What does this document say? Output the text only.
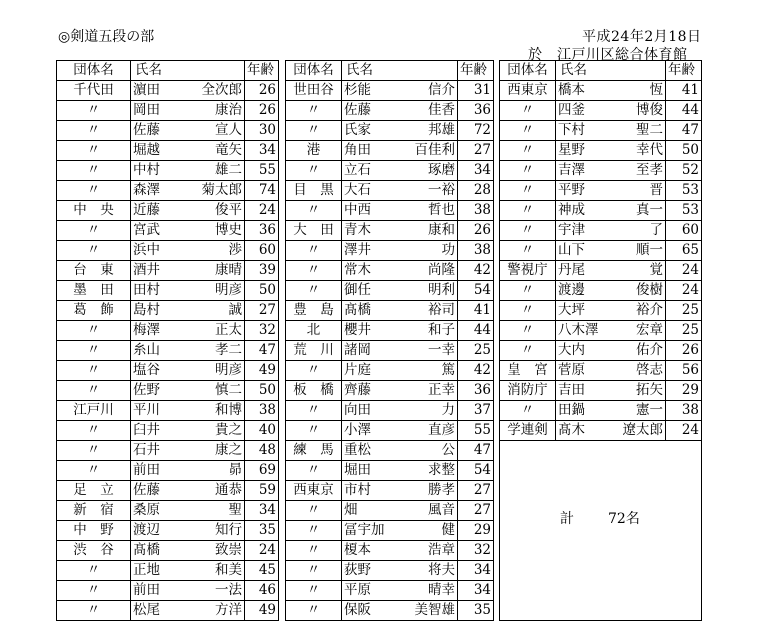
◎剣道五段の部	平成24年2月18日
於　江戸川区総合体育館
団体名	氏名	年齢
千代田	濵田 全次郎	26
〃	岡田 康治	26
〃	佐藤 宣人	30
〃	堀越 竜矢	34
〃	中村 雄二	55
〃	森澤 菊太郎	74
中　央	近藤 俊平	24
〃	宮武 博史	36
〃	浜中 渉	60
台　東	酒井 康晴	39
墨　田	田村 明彦	50
葛　飾	島村 誠	27
〃	梅澤 正太	32
〃	糸山 孝二	47
〃	塩谷 明彦	49
〃	佐野 慎二	50
江戸川	平川 和博	38
〃	臼井 貴之	40
〃	石井 康之	48
〃	前田 昴	69
足　立	佐藤 通恭	59
新　宿	桑原 聖	34
中　野	渡辺 知行	35
渋　谷	髙橋 致崇	24
〃	正地 和美	45
〃	前田 一法	46
〃	松尾 方洋	49
団体名	氏名	年齢
世田谷	杉能 信介	31
〃	佐藤 佳香	36
〃	氏家 邦雄	72
港	角田 百佳利	27
〃	立石 琢磨	34
目　黒	大石 一裕	28
〃	中西 哲也	38
大　田	青木 康和	26
〃	澤井 功	38
〃	常木 尚隆	42
〃	御任 明利	54
豊　島	髙橋 裕司	41
北	櫻井 和子	44
荒　川	諸岡 一幸	25
〃	片庭 篤	42
板　橋	齊藤 正幸	36
〃	向田 力	37
〃	小澤 直彦	55
練　馬	重松 公	47
〃	堀田 求整	54
西東京	市村 勝孝	27
〃	畑 風音	27
〃	冨宇加 健	29
〃	榎本 浩章	32
〃	荻野 将夫	34
〃	平原 晴幸	34
〃	保阪 美智雄	35
団体名	氏名	年齢
西東京	橋本 恆	41
〃	四釜 博俊	44
〃	下村 聖二	47
〃	星野 幸代	50
〃	吉澤 至孝	52
〃	平野 晋	53
〃	神成 真一	53
〃	宇津 了	60
〃	山下 順一	65
警視庁	丹尾 覚	24
〃	渡邊 俊樹	24
〃	大坪 裕介	25
〃	八木澤 宏章	25
〃	大内 佑介	26
皇　宮	菅原 啓志	56
消防庁	吉田 拓矢	29
〃	田鍋 憲一	38
学連剣	髙木 遼太郎	24

計 72名
